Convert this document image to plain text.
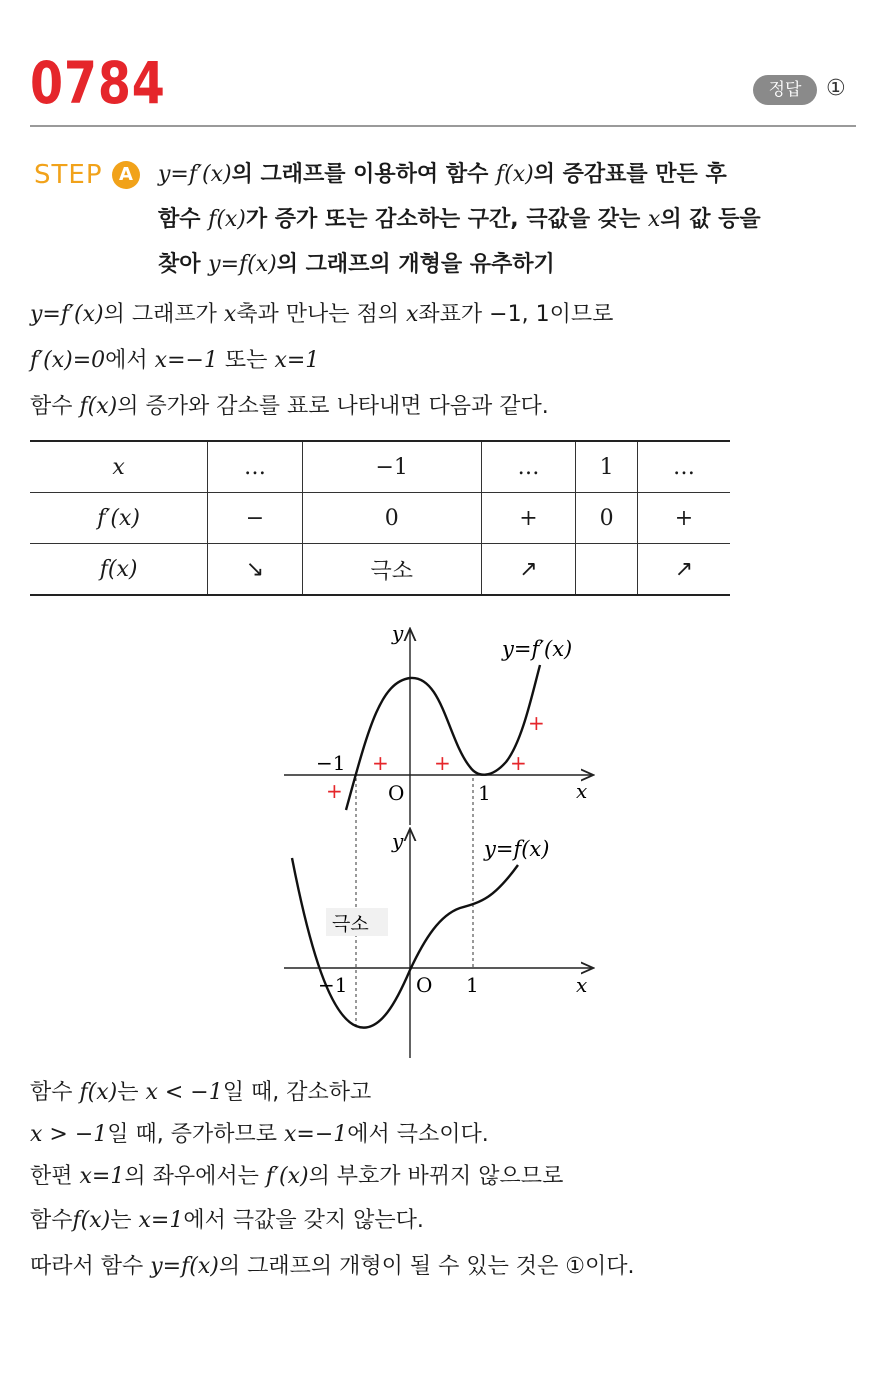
0784	정답	①
STEP A	y=f′(x)의 그래프를 이용하여 함수 f(x)의 증감표를 만든 후
함수 f(x)가 증가 또는 감소하는 구간, 극값을 갖는 x의 값 등을
찾아 y=f(x)의 그래프의 개형을 유추하기
y=f′(x)의 그래프가 x축과 만나는 점의 x좌표가 −1, 1이므로
f′(x)=0에서 x=−1 또는 x=1
함수 f(x)의 증가와 감소를 표로 나타내면 다음과 같다.
x	…	−1	…	1	…
f′(x)	−	0	+	0	+
f(x)	↘	극소	↗		↗
y
x
O
−1
1
y=f′(x)
+
+ +	+
+
극소
y
x
O
−1	1
y=f(x)
함수 f(x)는 x < −1일 때, 감소하고
x > −1일 때, 증가하므로 x=−1에서 극소이다.
한편 x=1의 좌우에서는 f′(x)의 부호가 바뀌지 않으므로
함수f(x)는 x=1에서 극값을 갖지 않는다.
따라서 함수 y=f(x)의 그래프의 개형이 될 수 있는 것은 ①이다.
